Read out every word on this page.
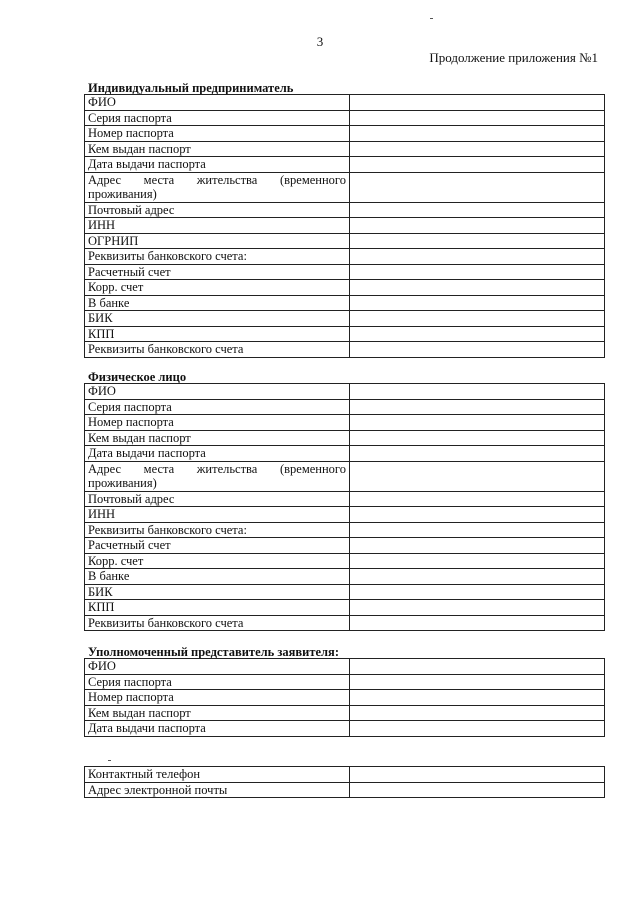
3
Продолжение приложения №1
Индивидуальный предприниматель
ФИО	
Серия паспорта	
Номер паспорта	
Кем выдан паспорт	
Дата выдачи паспорта	
Адрес места жительства (временного проживания)	
Почтовый адрес	
ИНН	
ОГРНИП	
Реквизиты банковского счета:	
Расчетный счет	
Корр. счет	
В банке	
БИК	
КПП	
Реквизиты банковского счета	
Физическое лицо
ФИО	
Серия паспорта	
Номер паспорта	
Кем выдан паспорт	
Дата выдачи паспорта	
Адрес места жительства (временного проживания)	
Почтовый адрес	
ИНН	
Реквизиты банковского счета:	
Расчетный счет	
Корр. счет	
В банке	
БИК	
КПП	
Реквизиты банковского счета	
Уполномоченный представитель заявителя:
ФИО	
Серия паспорта	
Номер паспорта	
Кем выдан паспорт	
Дата выдачи паспорта	
Контактный телефон	
Адрес электронной почты	
